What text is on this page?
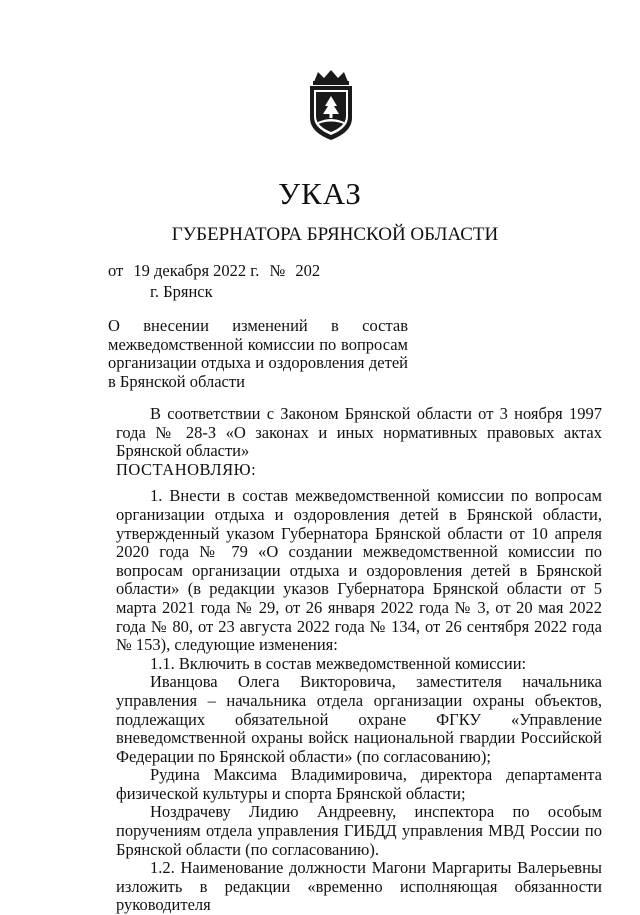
УКАЗ
ГУБЕРНАТОРА БРЯНСКОЙ ОБЛАСТИ
от 19 декабря 2022 г. № 202
г. Брянск
О внесении изменений в состав межведомственной комиссии по вопросам организации отдыха и оздоровления детей в Брянской области

В соответствии с Законом Брянской области от 3 ноября 1997 года № 28-З «О законах и иных нормативных правовых актах Брянской области»

ПОСТАНОВЛЯЮ:

1. Внести в состав межведомственной комиссии по вопросам организации отдыха и оздоровления детей в Брянской области, утвержденный указом Губернатора Брянской области от 10 апреля 2020 года № 79 «О создании межведомственной комиссии по вопросам организации отдыха и оздоровления детей в Брянской области» (в редакции указов Губернатора Брянской области от 5 марта 2021 года № 29, от 26 января 2022 года № 3, от 20 мая 2022 года № 80, от 23 августа 2022 года № 134, от 26 сентября 2022 года № 153), следующие изменения:

1.1. Включить в состав межведомственной комиссии:

Иванцова Олега Викторовича, заместителя начальника управления – начальника отдела организации охраны объектов, подлежащих обязательной охране ФГКУ «Управление вневедомственной охраны войск национальной гвардии Российской Федерации по Брянской области» (по согласованию);

Рудина Максима Владимировича, директора департамента физической культуры и спорта Брянской области;

Ноздрачеву Лидию Андреевну, инспектора по особым поручениям отдела управления ГИБДД управления МВД России по Брянской области (по согласованию).

1.2. Наименование должности Магони Маргариты Валерьевны изложить в редакции «временно исполняющая обязанности руководителя
